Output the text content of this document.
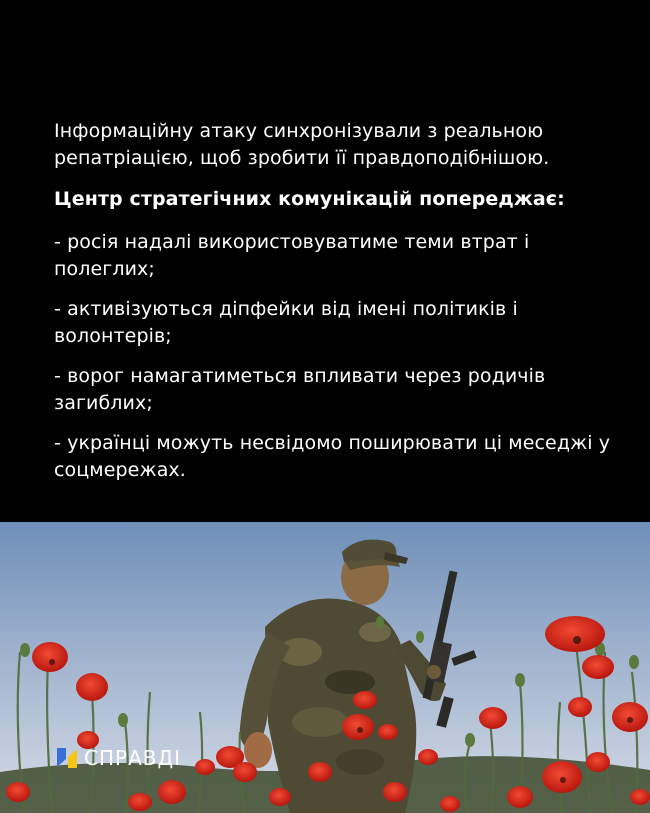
Інформаційну атаку синхронізували з реальною репатріацією, щоб зробити її правдоподібнішою.

Центр стратегічних комунікацій попереджає:

- росія надалі використовуватиме теми втрат і полеглих;

- активізуються діпфейки від імені політиків і волонтерів;

- ворог намагатиметься впливати через родичів загиблих;

- українці можуть несвідомо поширювати ці меседжі у соцмережах.

СПРАВДІ
